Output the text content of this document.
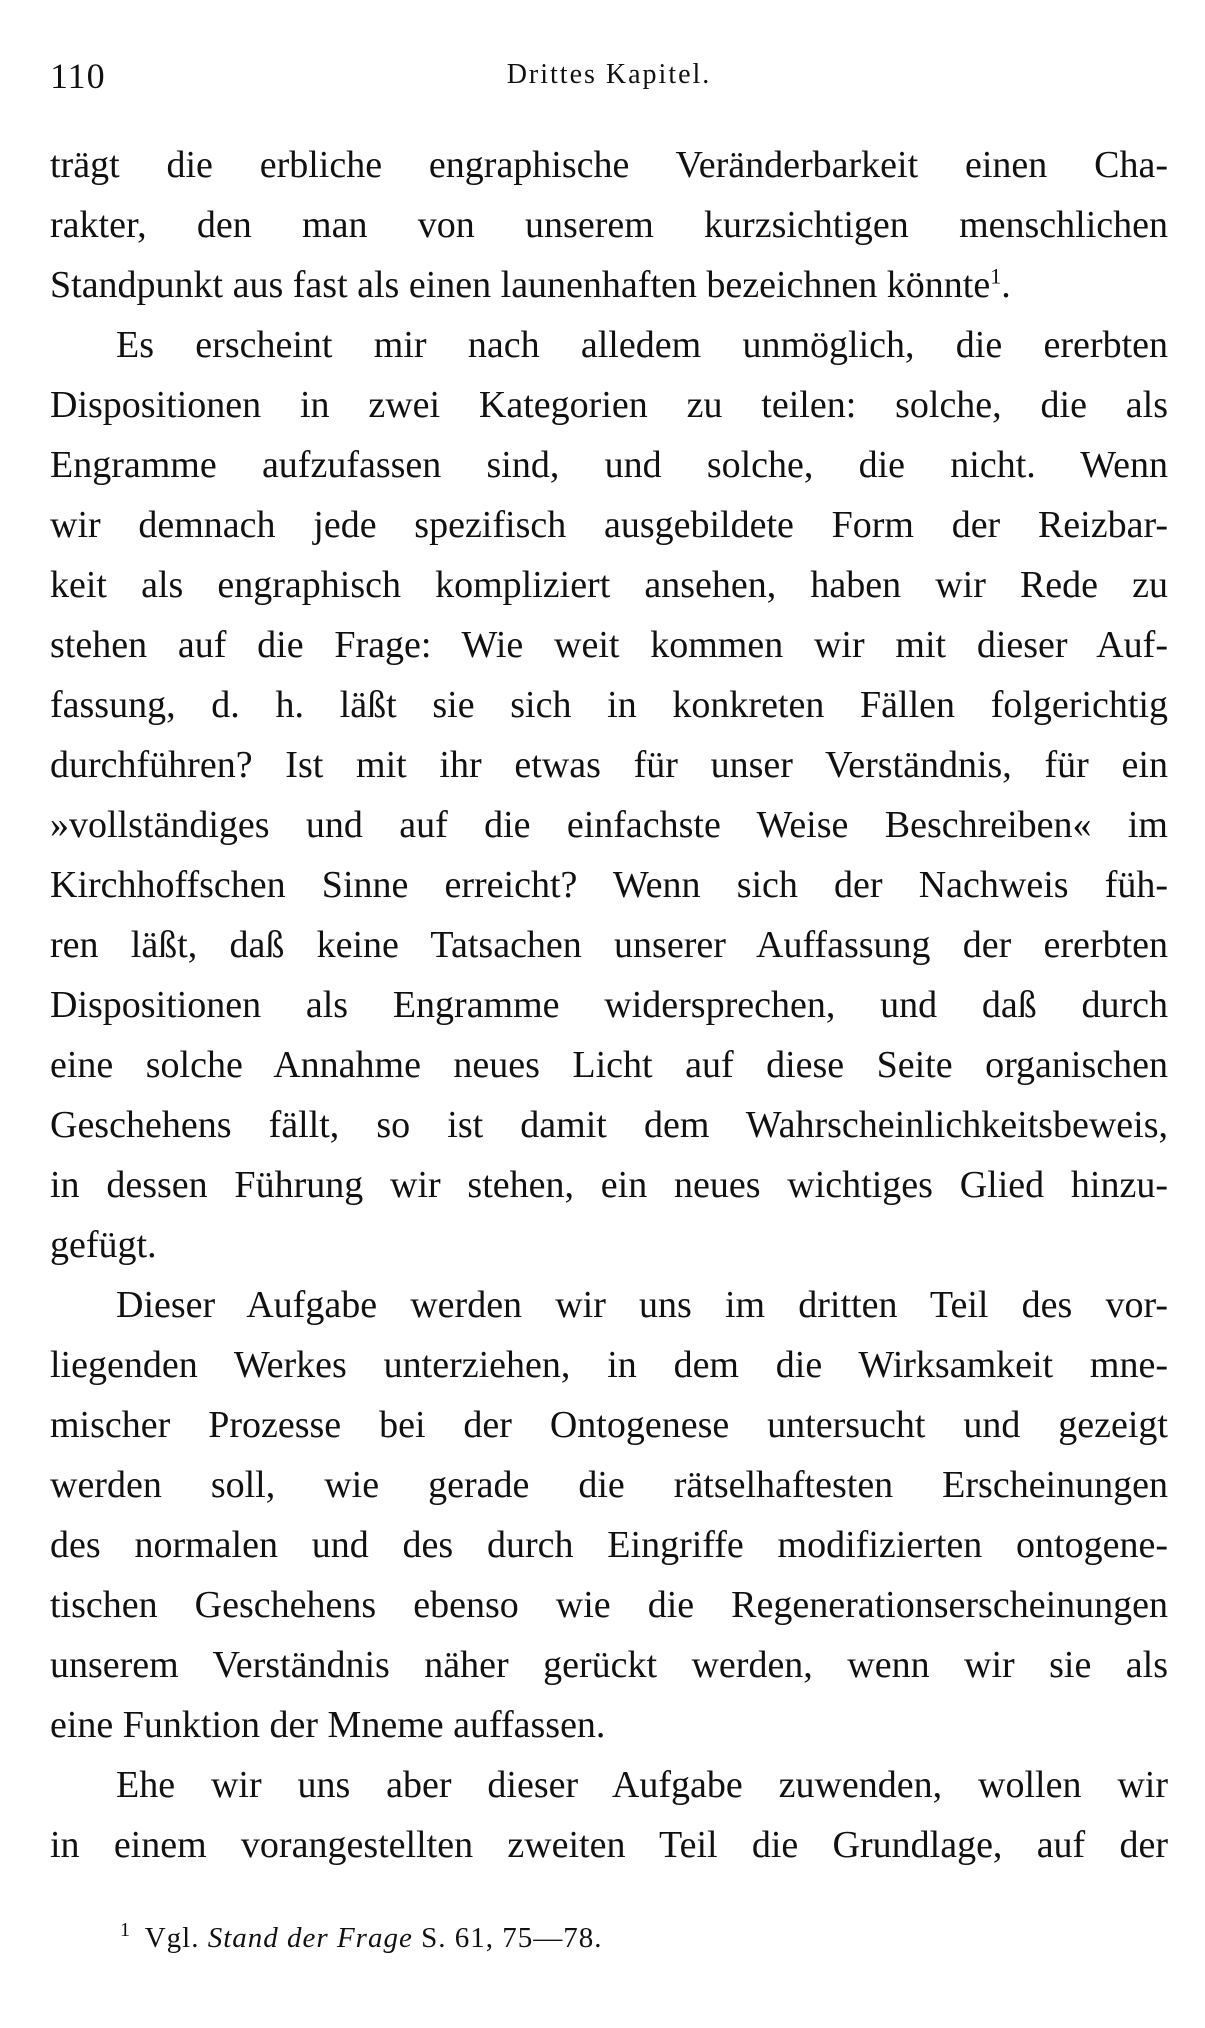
110	Drittes Kapitel.
trägt die erbliche engraphische Veränderbarkeit einen Cha-
rakter, den man von unserem kurzsichtigen menschlichen
Standpunkt aus fast als einen launenhaften bezeichnen könnte$^1$.
Es erscheint mir nach alledem unmöglich, die ererbten
Dispositionen in zwei Kategorien zu teilen: solche, die als
Engramme aufzufassen sind, und solche, die nicht. Wenn
wir demnach jede spezifisch ausgebildete Form der Reizbar-
keit als engraphisch kompliziert ansehen, haben wir Rede zu
stehen auf die Frage: Wie weit kommen wir mit dieser Auf-
fassung, d. h. läßt sie sich in konkreten Fällen folgerichtig
durchführen? Ist mit ihr etwas für unser Verständnis, für ein
»vollständiges und auf die einfachste Weise Beschreiben« im
Kirchhoffschen Sinne erreicht? Wenn sich der Nachweis füh-
ren läßt, daß keine Tatsachen unserer Auffassung der ererbten
Dispositionen als Engramme widersprechen, und daß durch
eine solche Annahme neues Licht auf diese Seite organischen
Geschehens fällt, so ist damit dem Wahrscheinlichkeitsbeweis,
in dessen Führung wir stehen, ein neues wichtiges Glied hinzu-
gefügt.
Dieser Aufgabe werden wir uns im dritten Teil des vor-
liegenden Werkes unterziehen, in dem die Wirksamkeit mne-
mischer Prozesse bei der Ontogenese untersucht und gezeigt
werden soll, wie gerade die rätselhaftesten Erscheinungen
des normalen und des durch Eingriffe modifizierten ontogene-
tischen Geschehens ebenso wie die Regenerationserscheinungen
unserem Verständnis näher gerückt werden, wenn wir sie als
eine Funktion der Mneme auffassen.
Ehe wir uns aber dieser Aufgabe zuwenden, wollen wir
in einem vorangestellten zweiten Teil die Grundlage, auf der
$^1$ Vgl. Stand der Frage S. 61, 75—78.
